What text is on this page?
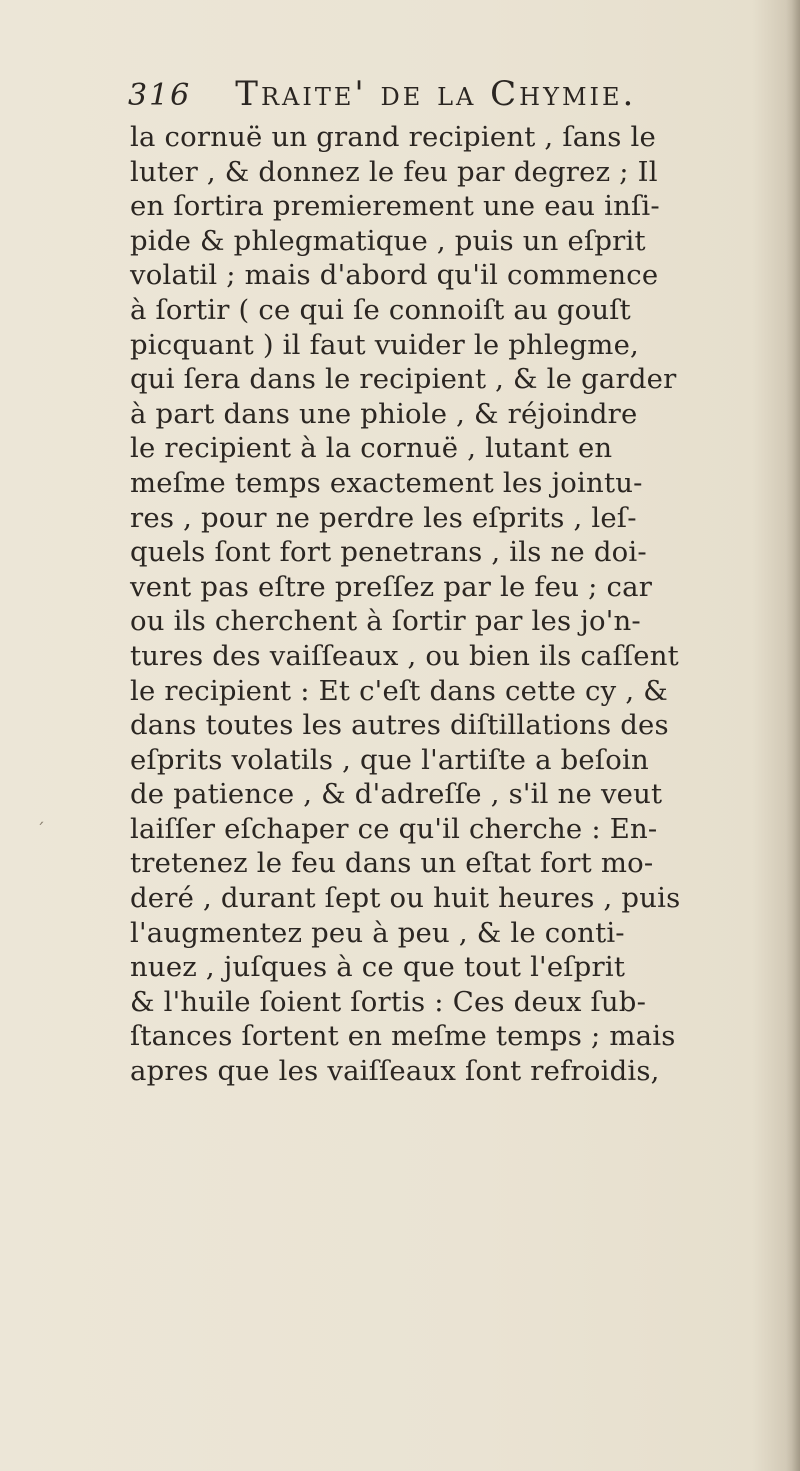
316 Traite' de la Chymie.
la cornuë un grand recipient , ſans le
luter , & donnez le feu par degrez ; Il
en ſortira premierement une eau inſi-
pide & phlegmatique , puis un eſprit
volatil ; mais d'abord qu'il commence
à ſortir ( ce qui ſe connoiſt au gouſt
picquant ) il faut vuider le phlegme,
qui ſera dans le recipient , & le garder
à part dans une phiole , & réjoindre
le recipient à la cornuë , lutant en
meſme temps exactement les jointu-
res , pour ne perdre les eſprits , leſ-
quels ſont fort penetrans , ils ne doi-
vent pas eſtre preſſez par le feu ; car
ou ils cherchent à ſortir par les jo'n-
tures des vaiſſeaux , ou bien ils caſſent
le recipient : Et c'eſt dans cette cy , &
dans toutes les autres diſtillations des
eſprits volatils , que l'artiſte a beſoin
de patience , & d'adreſſe , s'il ne veut
laiſſer eſchaper ce qu'il cherche : En-
tretenez le feu dans un eſtat fort mo-
deré , durant ſept ou huit heures , puis
l'augmentez peu à peu , & le conti-
nuez , juſques à ce que tout l'eſprit
& l'huile ſoient ſortis : Ces deux ſub-
ſtances ſortent en meſme temps ; mais
apres que les vaiſſeaux ſont refroidis,
´
